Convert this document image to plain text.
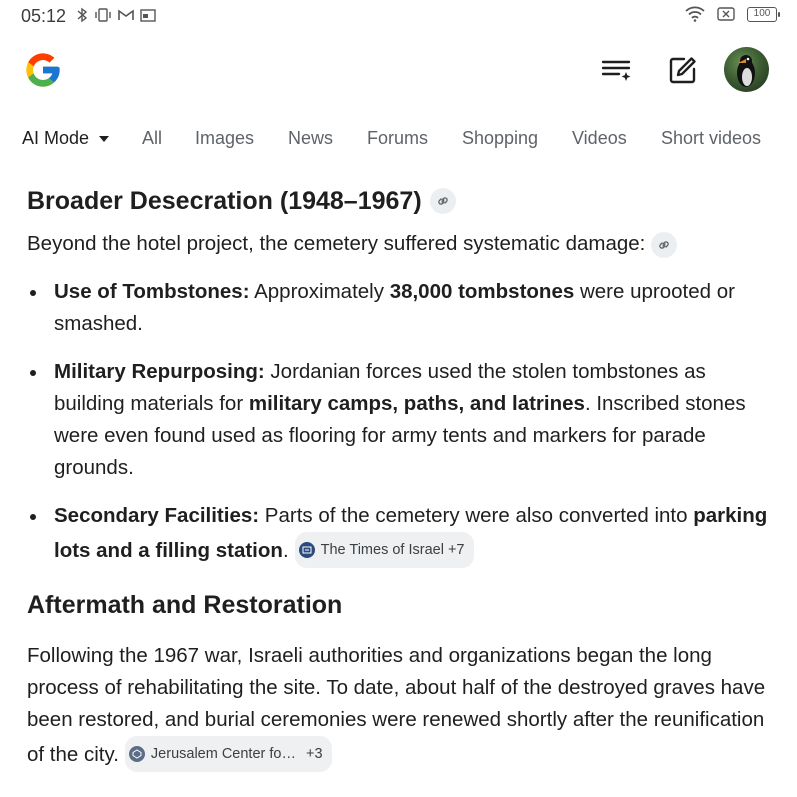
05:12	100
AI Mode	All Images News Forums Shopping Videos Short videos
Broader Desecration (1948–1967)

Beyond the hotel project, the cemetery suffered systematic damage:

Use of Tombstones: Approximately 38,000 tombstones were uprooted or smashed.
Military Repurposing: Jordanian forces used the stolen tombstones as building materials for military camps, paths, and latrines. Inscribed stones were even found used as flooring for army tents and markers for parade grounds.
Secondary Facilities: Parts of the cemetery were also converted into parking lots and a filling station. The Times of Israel +7
Aftermath and Restoration

Following the 1967 war, Israeli authorities and organizations began the long process of rehabilitating the site. To date, about half of the destroyed graves have been restored, and burial ceremonies were renewed shortly after the reunification of the city. Jerusalem Center fo… +3
